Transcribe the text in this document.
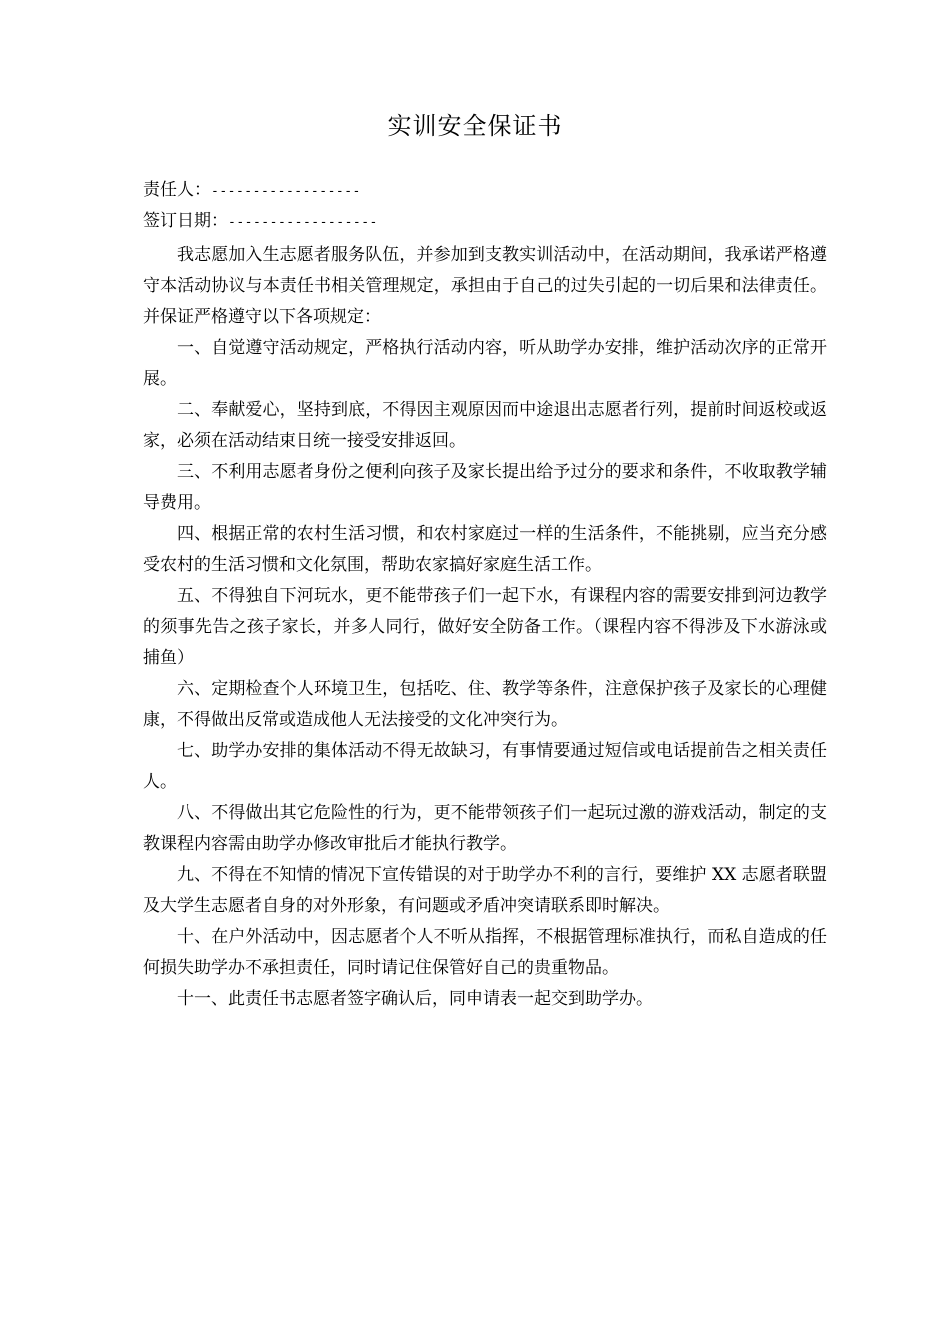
实训安全保证书
责任人：------------------
签订日期：------------------

我志愿加入生志愿者服务队伍，并参加到支教实训活动中，在活动期间，我承诺严格遵守本活动协议与本责任书相关管理规定，承担由于自己的过失引起的一切后果和法律责任。并保证严格遵守以下各项规定：

一、自觉遵守活动规定，严格执行活动内容，听从助学办安排，维护活动次序的正常开展。

二、奉献爱心，坚持到底，不得因主观原因而中途退出志愿者行列，提前时间返校或返家，必须在活动结束日统一接受安排返回。

三、不利用志愿者身份之便利向孩子及家长提出给予过分的要求和条件，不收取教学辅导费用。

四、根据正常的农村生活习惯，和农村家庭过一样的生活条件，不能挑剔，应当充分感受农村的生活习惯和文化氛围，帮助农家搞好家庭生活工作。

五、不得独自下河玩水，更不能带孩子们一起下水，有课程内容的需要安排到河边教学的须事先告之孩子家长，并多人同行，做好安全防备工作。（课程内容不得涉及下水游泳或捕鱼）

六、定期检查个人环境卫生，包括吃、住、教学等条件，注意保护孩子及家长的心理健康，不得做出反常或造成他人无法接受的文化冲突行为。

七、助学办安排的集体活动不得无故缺习，有事情要通过短信或电话提前告之相关责任人。

八、不得做出其它危险性的行为，更不能带领孩子们一起玩过激的游戏活动，制定的支教课程内容需由助学办修改审批后才能执行教学。

九、不得在不知情的情况下宣传错误的对于助学办不利的言行，要维护 XX 志愿者联盟及大学生志愿者自身的对外形象，有问题或矛盾冲突请联系即时解决。

十、在户外活动中，因志愿者个人不听从指挥，不根据管理标准执行，而私自造成的任何损失助学办不承担责任，同时请记住保管好自己的贵重物品。

十一、此责任书志愿者签字确认后，同申请表一起交到助学办。
